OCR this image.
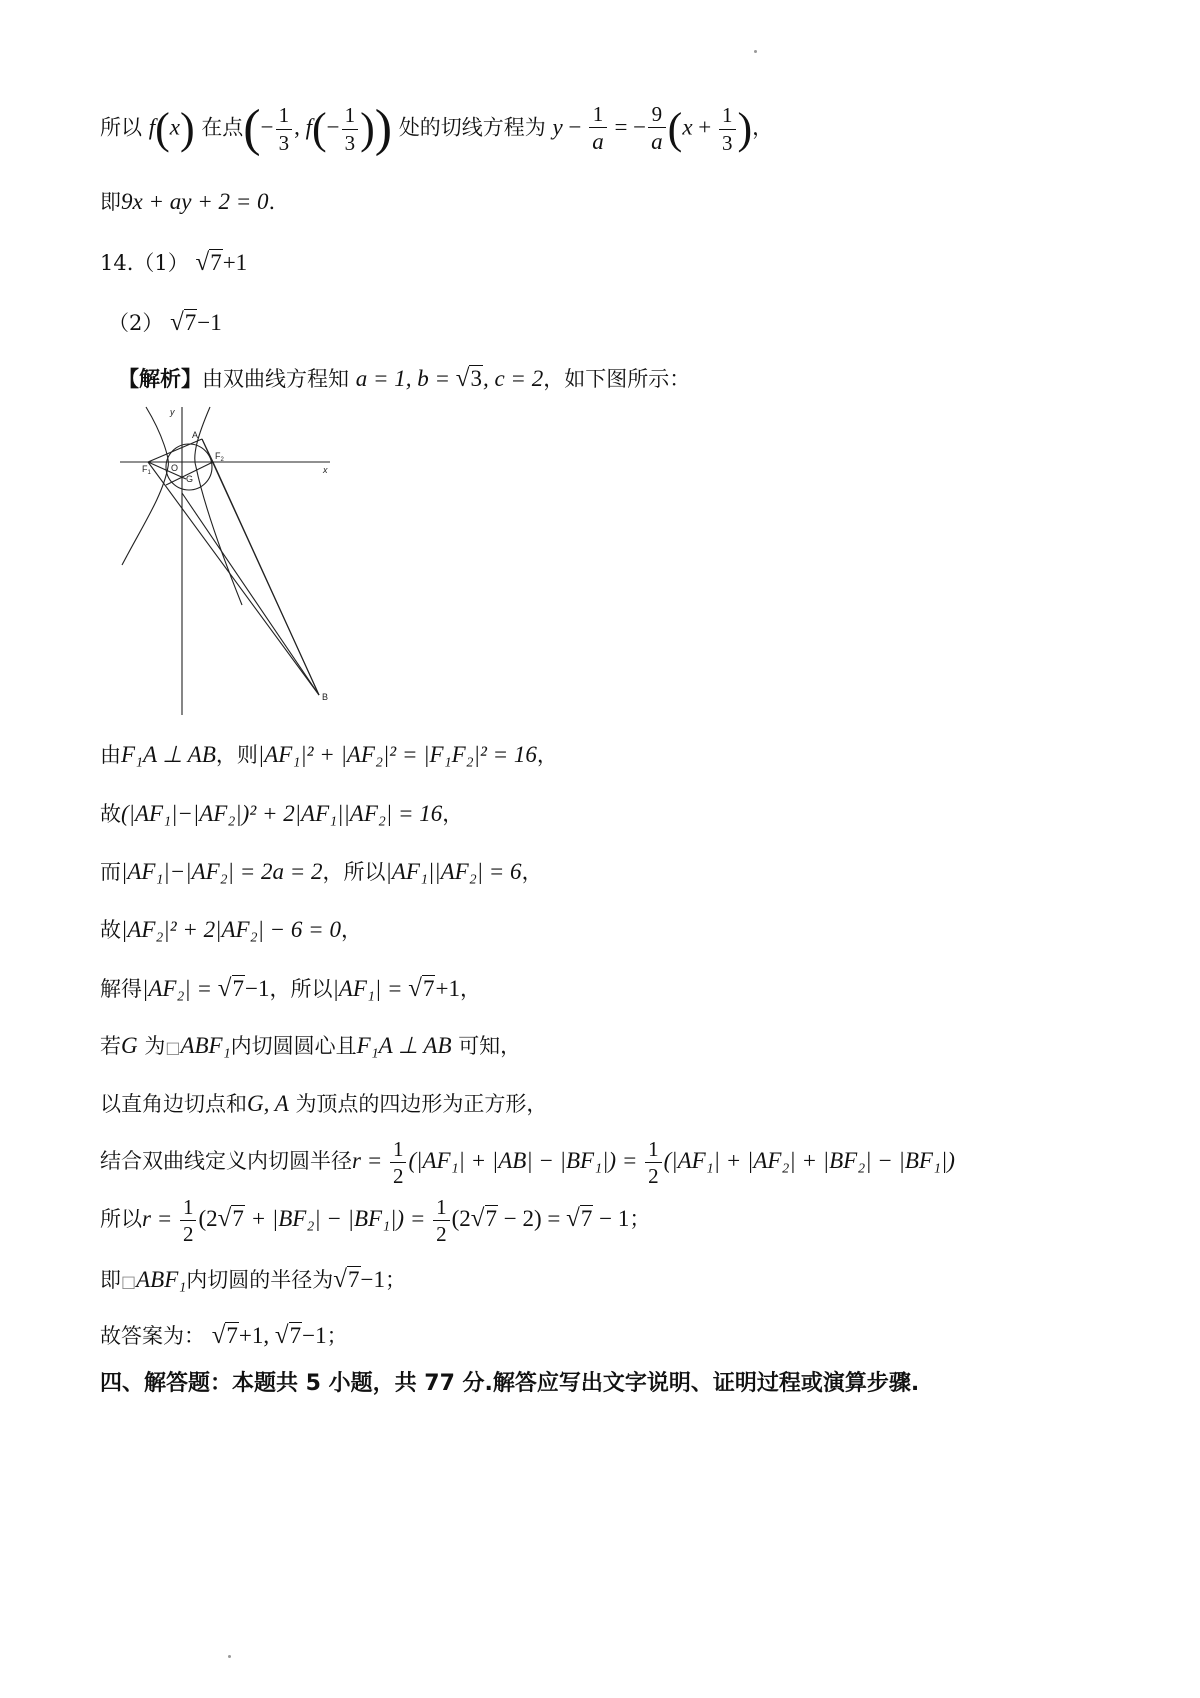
所以 f(x) 在点(− $\frac{1}{3}$ , $f(- \frac{1}{3}$ )) 处的切线方程为 $y - \frac{1}{a}$ = − $\frac{9}{a} (x + \frac{1}{3}$ )，
即9x + ay + 2 = 0.
14.（1） √7+1
（2） √7−1
【解析】由双曲线方程知 a = 1, b = √3, c = 2，如下图所示：
y
x
A
O
G
B
$F_1$
$F_2$
由F₁A ⊥ AB，则|AF₁|² + |AF₂|² = |F₁F₂|² = 16，
故(|AF₁|−|AF₂|)² + 2|AF₁||AF₂| = 16，
而|AF₁|−|AF₂| = 2a = 2，所以|AF₁||AF₂| = 6，
故|AF₂|² + 2|AF₂| − 6 = 0，
解得|AF₂| = √7−1，所以|AF₁| = √7+1，
若G 为□ABF₁内切圆圆心且F₁A ⊥ AB 可知，
以直角边切点和G, A 为顶点的四边形为正方形，
结合双曲线定义内切圆半径$r = \frac{1}{2} (|AF_1| + |AB| - |BF_1|) = \frac{1}{2} (|AF_1| + |AF_2| + |BF_2| - |BF_1|)$
所以$r = \frac{1}{2} (2√7 + |BF_2| - |BF_1|) = \frac{1}{2} (2√7 - 2) = √7 - 1$；
即□ABF₁内切圆的半径为√7−1；
故答案为： √7+1, √7−1；
四、解答题：本题共 5 小题，共 77 分.解答应写出文字说明、证明过程或演算步骤.
